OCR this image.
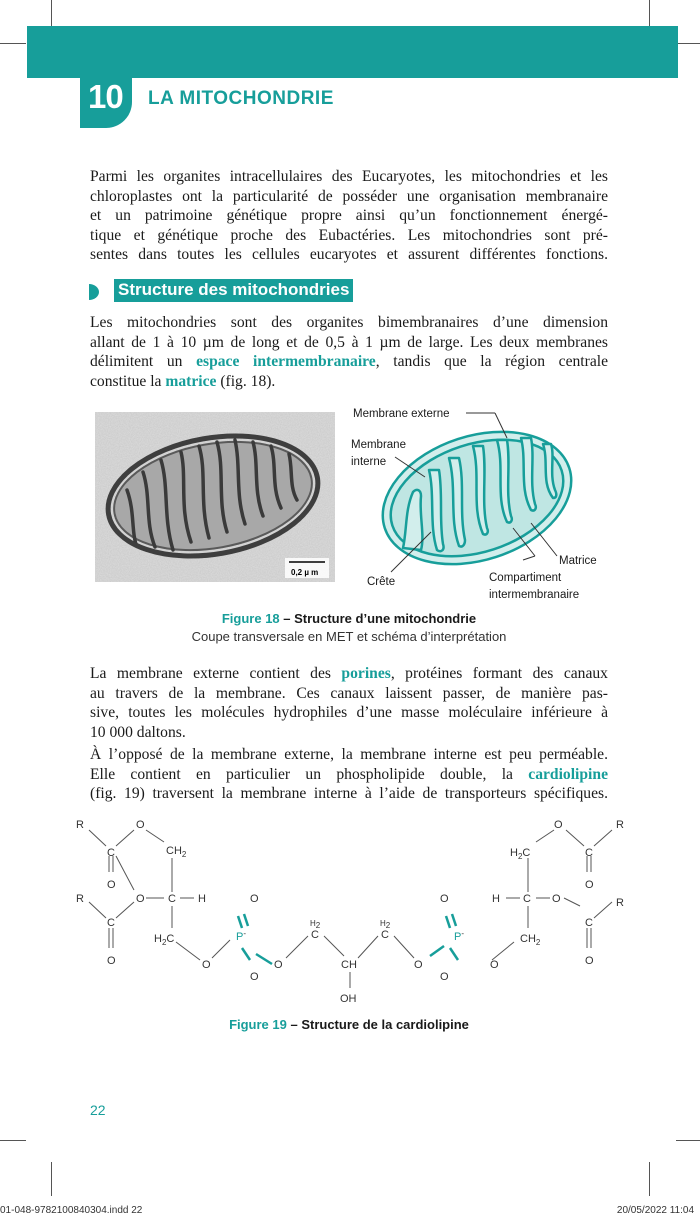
10 LA MITOCHONDRIE
Parmi les organites intracellulaires des Eucaryotes, les mitochondries et les
chloroplastes ont la particularité de posséder une organisation membranaire
et un patrimoine génétique propre ainsi qu’un fonctionnement énergé-
tique et génétique proche des Eubactéries. Les mitochondries sont pré-
sentes dans toutes les cellules eucaryotes et assurent différentes fonctions.
Structure des mitochondries
Les mitochondries sont des organites bimembranaires d’une dimension
allant de 1 à 10 µm de long et de 0,5 à 1 µm de large. Les deux membranes
délimitent un espace intermembranaire, tandis que la région centrale
constitue la matrice (fig. 18).
0,2 µ m
Membrane externe
Membrane
interne
Matrice
Compartiment
intermembranaire
Crête
Figure 18 – Structure d’une mitochondrie
Coupe transversale en MET et schéma d’interprétation
La membrane externe contient des porines, protéines formant des canaux
au travers de la membrane. Ces canaux laissent passer, de manière pas-
sive, toutes les molécules hydrophiles d’une masse moléculaire inférieure à
10 000 daltons.
À l’opposé de la membrane externe, la membrane interne est peu perméable.
Elle contient en particulier un phospholipide double, la cardiolipine
(fig. 19) traversent la membrane interne à l’aide de transporteurs spécifiques.
R	O
C	$CH_2$
O
R	O C H
C
$H_2C$
O	O
O
P-
O
O
H2
C
H2
C
CH
OH
O
O
P-
O
O
$CH_2$
H C O
$H_2C$
O
C
R
O
C
R
O
Figure 19 – Structure de la cardiolipine
22
01-048-9782100840304.indd 22	20/05/2022 11:04
